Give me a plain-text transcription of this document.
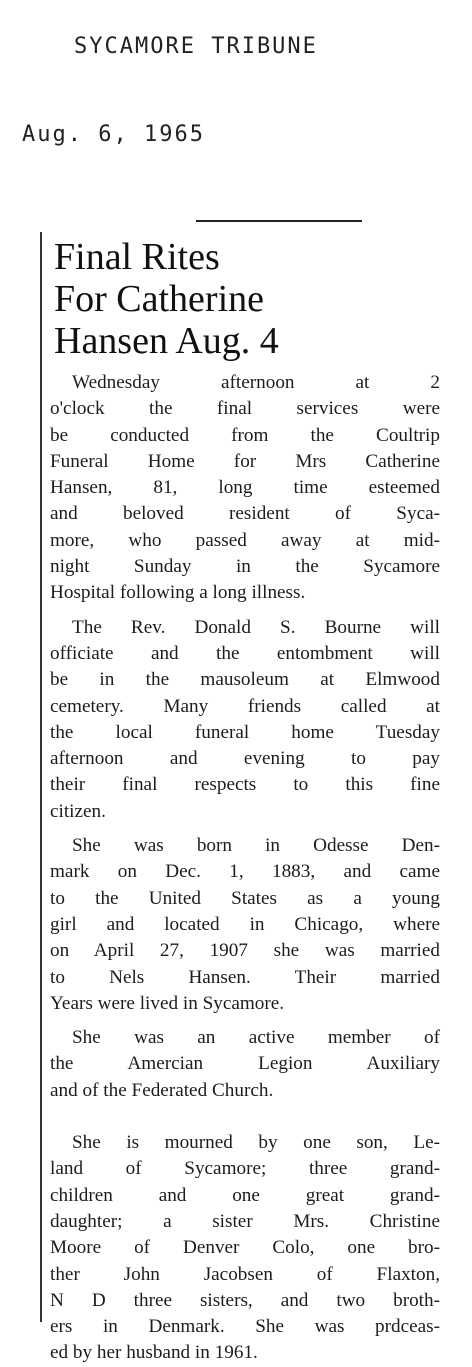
SYCAMORE TRIBUNE
Aug. 6, 1965
Final Rites
For Catherine
Hansen Aug. 4
Wednesday afternoon at 2
o'clock the final services were
be conducted from the Coultrip
Funeral Home for Mrs Catherine
Hansen, 81, long time esteemed
and beloved resident of Syca-
more, who passed away at mid-
night Sunday in the Sycamore
Hospital following a long illness.
The Rev. Donald S. Bourne will
officiate and the entombment will
be in the mausoleum at Elmwood
cemetery. Many friends called at
the local funeral home Tuesday
afternoon and evening to pay
their final respects to this fine
citizen.
She was born in Odesse Den-
mark on Dec. 1, 1883, and came
to the United States as a young
girl and located in Chicago, where
on April 27, 1907 she was married
to Nels Hansen. Their married
Years were lived in Sycamore.
She was an active member of
the Amercian Legion Auxiliary
and of the Federated Church.
She is mourned by one son, Le-
land of Sycamore; three grand-
children and one great grand-
daughter; a sister Mrs. Christine
Moore of Denver Colo, one bro-
ther John Jacobsen of Flaxton,
N D three sisters, and two broth-
ers in Denmark. She was prdceas-
ed by her husband in 1961.
